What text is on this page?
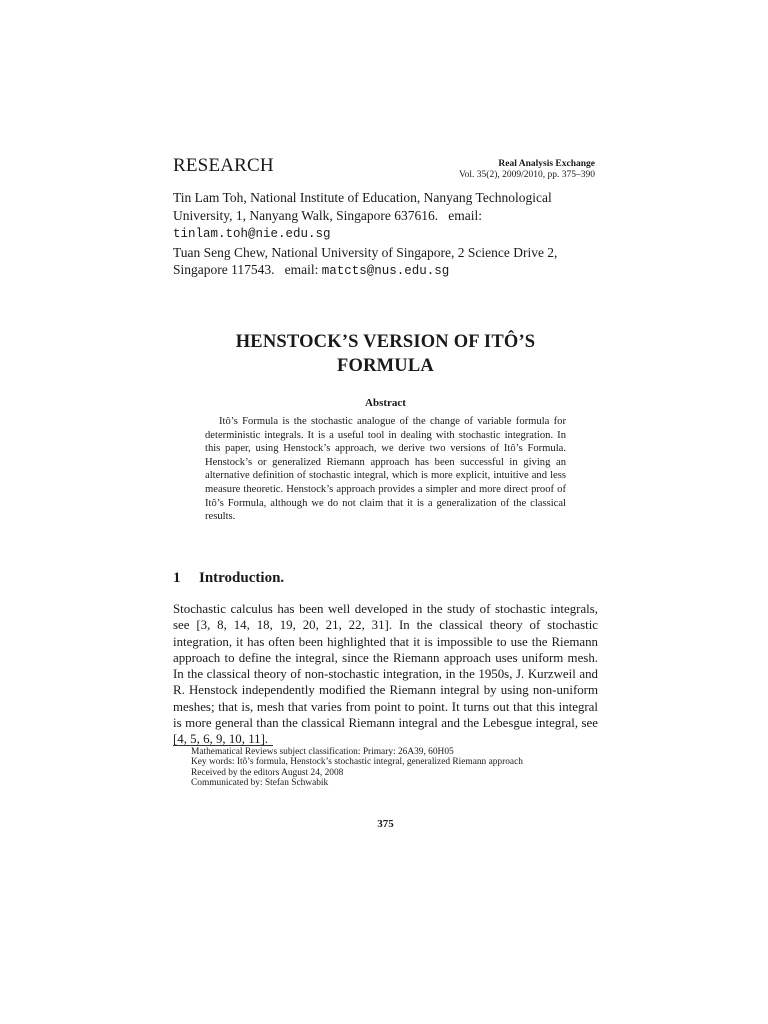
RESEARCH	Real Analysis Exchange
Vol. 35(2), 2009/2010, pp. 375–390

Tin Lam Toh, National Institute of Education, Nanyang Technological University, 1, Nanyang Walk, Singapore 637616. email: tinlam.toh@nie.edu.sg

Tuan Seng Chew, National University of Singapore, 2 Science Drive 2, Singapore 117543. email: matcts@nus.edu.sg

HENSTOCK’S VERSION OF ITÔ’S
FORMULA
Abstract
Itô’s Formula is the stochastic analogue of the change of variable formula for deterministic integrals. It is a useful tool in dealing with stochastic integration. In this paper, using Henstock’s approach, we derive two versions of Itô’s Formula. Henstock’s or generalized Riemann approach has been successful in giving an alternative definition of stochastic integral, which is more explicit, intuitive and less measure theoretic. Henstock’s approach provides a simpler and more direct proof of Itô’s Formula, although we do not claim that it is a generalization of the classical results.
1 Introduction.
Stochastic calculus has been well developed in the study of stochastic integrals, see [3, 8, 14, 18, 19, 20, 21, 22, 31]. In the classical theory of stochastic integration, it has often been highlighted that it is impossible to use the Riemann approach to define the integral, since the Riemann approach uses uniform mesh. In the classical theory of non-stochastic integration, in the 1950s, J. Kurzweil and R. Henstock independently modified the Riemann integral by using non-uniform meshes; that is, mesh that varies from point to point. It turns out that this integral is more general than the classical Riemann integral and the Lebesgue integral, see [4, 5, 6, 9, 10, 11].
Mathematical Reviews subject classification: Primary: 26A39, 60H05
Key words: Itô’s formula, Henstock’s stochastic integral, generalized Riemann approach
Received by the editors August 24, 2008
Communicated by: Stefan Schwabik
375
